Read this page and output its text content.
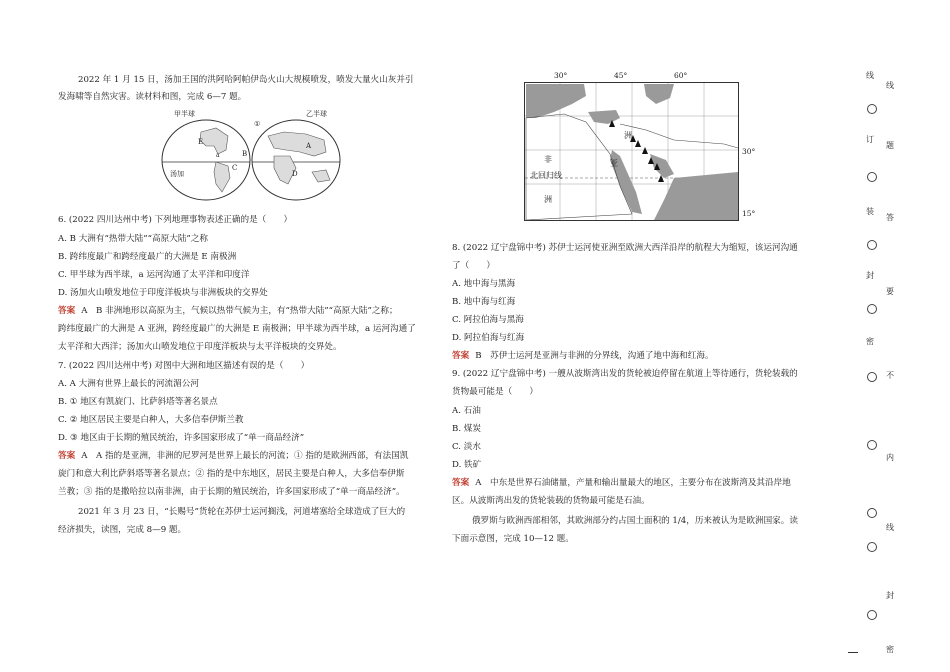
2022 年 1 月 15 日，汤加王国的洪阿哈阿帕伊岛火山大规模喷发，喷发大量火山灰并引
发海啸等自然灾害。读材料和图，完成 6—7 题。
甲半球	乙半球
①
E
B
C
A
D
a
汤加
6. (2022 四川达州中考) 下列地理事物表述正确的是（　　）
A. B 大洲有“热带大陆”“高原大陆”之称
B. 跨纬度最广和跨经度最广的大洲是 E 南极洲
C. 甲半球为西半球，a 运河沟通了太平洋和印度洋
D. 汤加火山喷发地位于印度洋板块与非洲板块的交界处
答案 A　B 非洲地形以高原为主，气候以热带气候为主，有“热带大陆”“高原大陆”之称；
跨纬度最广的大洲是 A 亚洲，跨经度最广的大洲是 E 南极洲；甲半球为西半球，a 运河沟通了
太平洋和大西洋；汤加火山喷发地位于印度洋板块与太平洋板块的交界处。
7. (2022 四川达州中考) 对图中大洲和地区描述有误的是（　　）
A. A 大洲有世界上最长的河流湄公河
B. ① 地区有凯旋门、比萨斜塔等著名景点
C. ② 地区居民主要是白种人，大多信奉伊斯兰教
D. ③ 地区由于长期的殖民统治，许多国家形成了“单一商品经济”
答案 A　A 指的是亚洲，非洲的尼罗河是世界上最长的河流；① 指的是欧洲西部，有法国凯
旋门和意大利比萨斜塔等著名景点；② 指的是中东地区，居民主要是白种人，大多信奉伊斯
兰教；③ 指的是撒哈拉以南非洲，由于长期的殖民统治，许多国家形成了“单一商品经济”。
2021 年 3 月 23 日，“长赐号”货轮在苏伊士运河搁浅，河道堵塞给全球造成了巨大的
经济损失，读图，完成 8—9 题。
30°	45°	60°
30°
15°
非
洲
亚
洲
北回归线
8. (2022 辽宁盘锦中考) 苏伊士运河使亚洲至欧洲大西洋沿岸的航程大为缩短，该运河沟通
了（　　）
A. 地中海与黑海
B. 地中海与红海
C. 阿拉伯海与黑海
D. 阿拉伯海与红海
答案 B　苏伊士运河是亚洲与非洲的分界线，沟通了地中海和红海。
9. (2022 辽宁盘锦中考) 一艘从波斯湾出发的货轮被迫停留在航道上等待通行，货轮装载的
货物最可能是（　　）
A. 石油
B. 煤炭
C. 淡水
D. 铁矿
答案 A　中东是世界石油储量，产量和输出量最大的地区，主要分布在波斯湾及其沿岸地
区。从波斯湾出发的货轮装载的货物最可能是石油。
俄罗斯与欧洲西部相邻，其欧洲部分约占国土面积的 1/4，历来被认为是欧洲国家。读
下面示意图，完成 10—12 题。
线
订
装
封
密
线
题
答
要
不
内
线
封
密
